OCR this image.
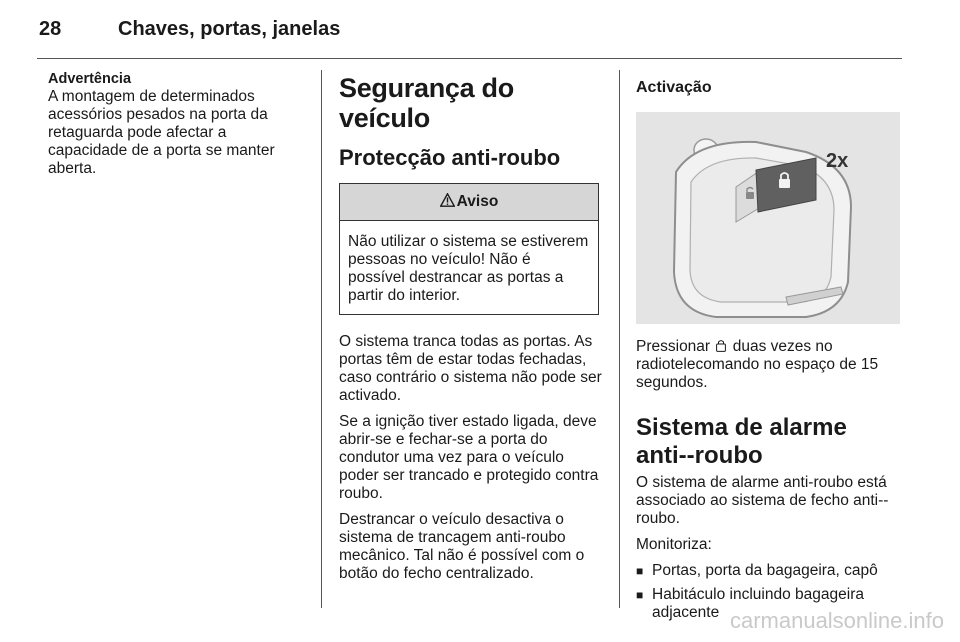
28	Chaves, portas, janelas
Advertência
A montagem de determinados acessórios pesados na porta da retaguarda pode afectar a capacidade de a porta se manter aberta.
Segurança do veículo
Protecção anti-roubo
Aviso
Não utilizar o sistema se estiverem pessoas no veículo! Não é possível destrancar as portas a partir do interior.
O sistema tranca todas as portas. As portas têm de estar todas fechadas, caso contrário o sistema não pode ser activado.
Se a ignição tiver estado ligada, deve abrir-se e fechar-se a porta do condutor uma vez para o veículo poder ser trancado e protegido contra roubo.
Destrancar o veículo desactiva o sistema de trancagem anti-roubo mecânico. Tal não é possível com o botão do fecho centralizado.
Activação
2x
Pressionar duas vezes no radiotelecomando no espaço de 15 segundos.
Sistema de alarme anti--roubo
O sistema de alarme anti-roubo está associado ao sistema de fecho anti--roubo.
Monitoriza:
■ Portas, porta da bagageira, capô
■ Habitáculo incluindo bagageira adjacente carmanualsonline.info
